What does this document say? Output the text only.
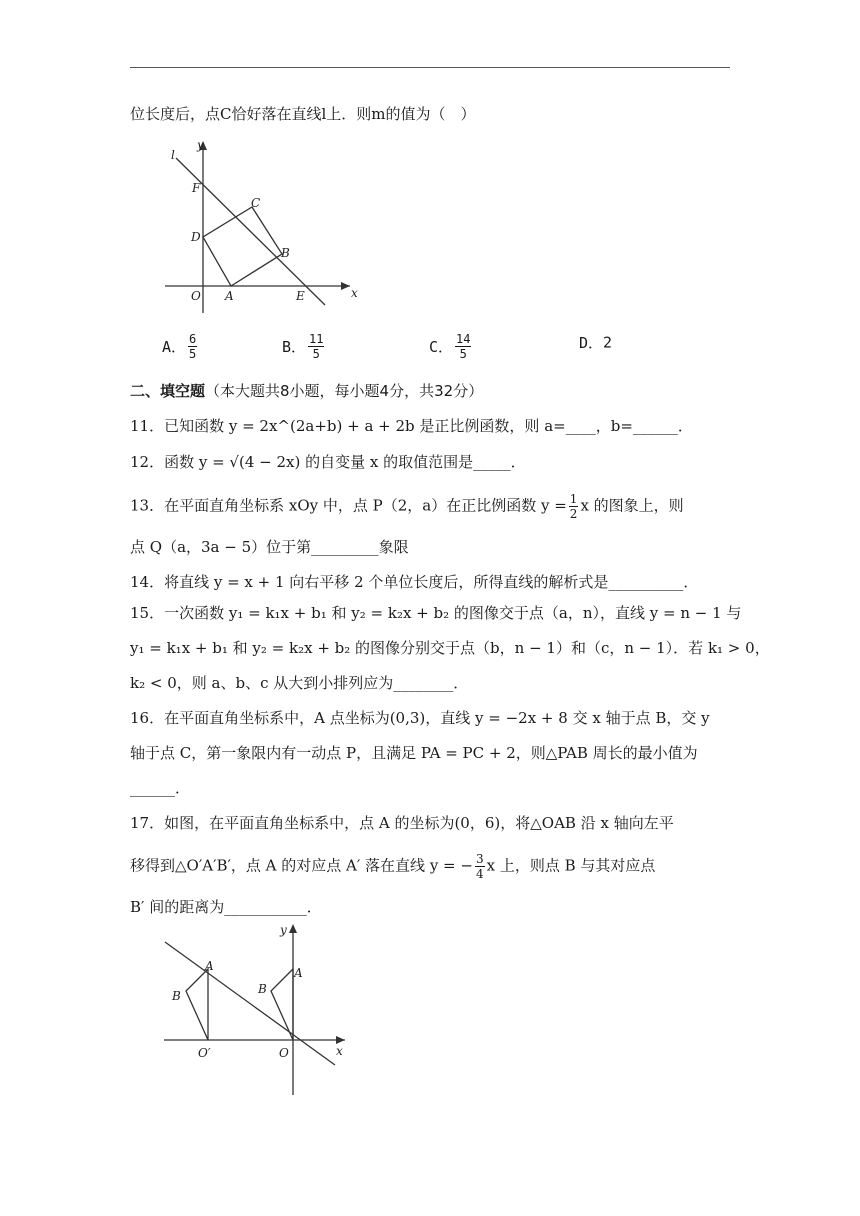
位长度后，点C恰好落在直线l上．则m的值为（　）
l
y
x
F
C
D
B
O A	E
A． $\frac{6}{5}$	B． $\frac{11}{5}$	C． $\frac{14}{5}$	D．2
二、填空题（本大题共8小题，每小题4分，共32分）
11．已知函数 y = 2x^(2a+b) + a + 2b 是正比例函数，则 a=____，b=______．
12．函数 y = √(4 − 2x) 的自变量 x 的取值范围是_____．
13．在平面直角坐标系 xOy 中，点 P（2，a）在正比例函数 $y = \frac{1}{2}$ x 的图象上，则
点 Q（a，3a − 5）位于第_________象限
14．将直线 y = x + 1 向右平移 2 个单位长度后，所得直线的解析式是__________．
15．一次函数 y₁ = k₁x + b₁ 和 y₂ = k₂x + b₂ 的图像交于点（a，n），直线 y = n − 1 与
y₁ = k₁x + b₁ 和 y₂ = k₂x + b₂ 的图像分别交于点（b，n − 1）和（c，n − 1）．若 k₁ > 0，
k₂ < 0，则 a、b、c 从大到小排列应为________．
16．在平面直角坐标系中，A 点坐标为(0,3)，直线 y = −2x + 8 交 x 轴于点 B，交 y
轴于点 C，第一象限内有一动点 P，且满足 PA = PC + 2，则△PAB 周长的最小值为
______．
17．如图，在平面直角坐标系中，点 A 的坐标为(0，6)，将△OAB 沿 x 轴向左平
移得到△O′A′B′，点 A 的对应点 A′ 落在直线 y = − $\frac{3}{4}$ x 上，则点 B 与其对应点
B′ 间的距离为___________．
y
x
A
B
O′
A
B
O
